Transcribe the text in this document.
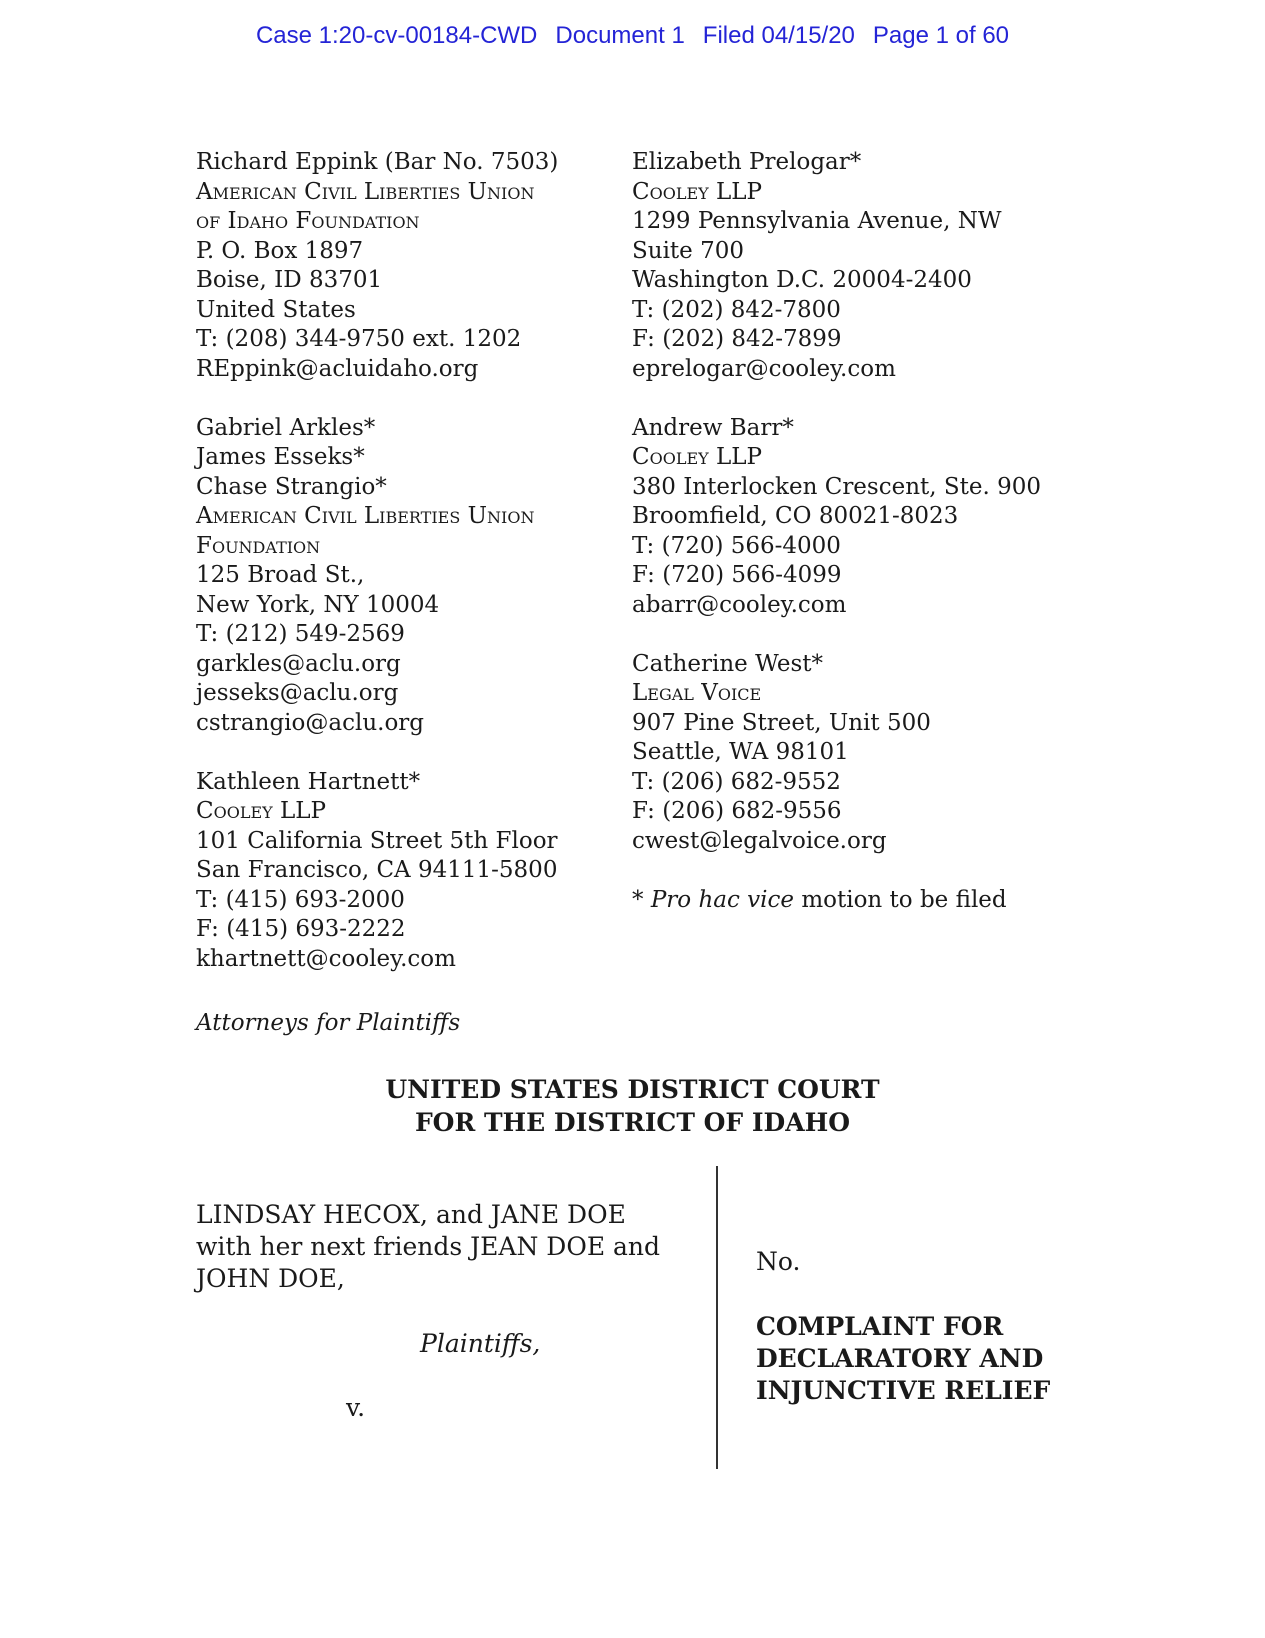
Case 1:20-cv-00184-CWD Document 1 Filed 04/15/20 Page 1 of 60
Richard Eppink (Bar No. 7503)
American Civil Liberties Union
of Idaho Foundation
P. O. Box 1897
Boise, ID 83701
United States
T: (208) 344-9750 ext. 1202
REppink@acluidaho.org
Gabriel Arkles*
James Esseks*
Chase Strangio*
American Civil Liberties Union
Foundation
125 Broad St.,
New York, NY 10004
T: (212) 549-2569
garkles@aclu.org
jesseks@aclu.org
cstrangio@aclu.org
Kathleen Hartnett*
Cooley LLP
101 California Street 5th Floor
San Francisco, CA 94111-5800
T: (415) 693-2000
F: (415) 693-2222
khartnett@cooley.com
Elizabeth Prelogar*
Cooley LLP
1299 Pennsylvania Avenue, NW
Suite 700
Washington D.C. 20004-2400
T: (202) 842-7800
F: (202) 842-7899
eprelogar@cooley.com
Andrew Barr*
Cooley LLP
380 Interlocken Crescent, Ste. 900
Broomfield, CO 80021-8023
T: (720) 566-4000
F: (720) 566-4099
abarr@cooley.com
Catherine West*
Legal Voice
907 Pine Street, Unit 500
Seattle, WA 98101
T: (206) 682-9552
F: (206) 682-9556
cwest@legalvoice.org
* Pro hac vice motion to be filed
Attorneys for Plaintiffs
UNITED STATES DISTRICT COURT
FOR THE DISTRICT OF IDAHO
LINDSAY HECOX, and JANE DOE
with her next friends JEAN DOE and
JOHN DOE,
Plaintiffs,
v.
No.
COMPLAINT FOR
DECLARATORY AND
INJUNCTIVE RELIEF
